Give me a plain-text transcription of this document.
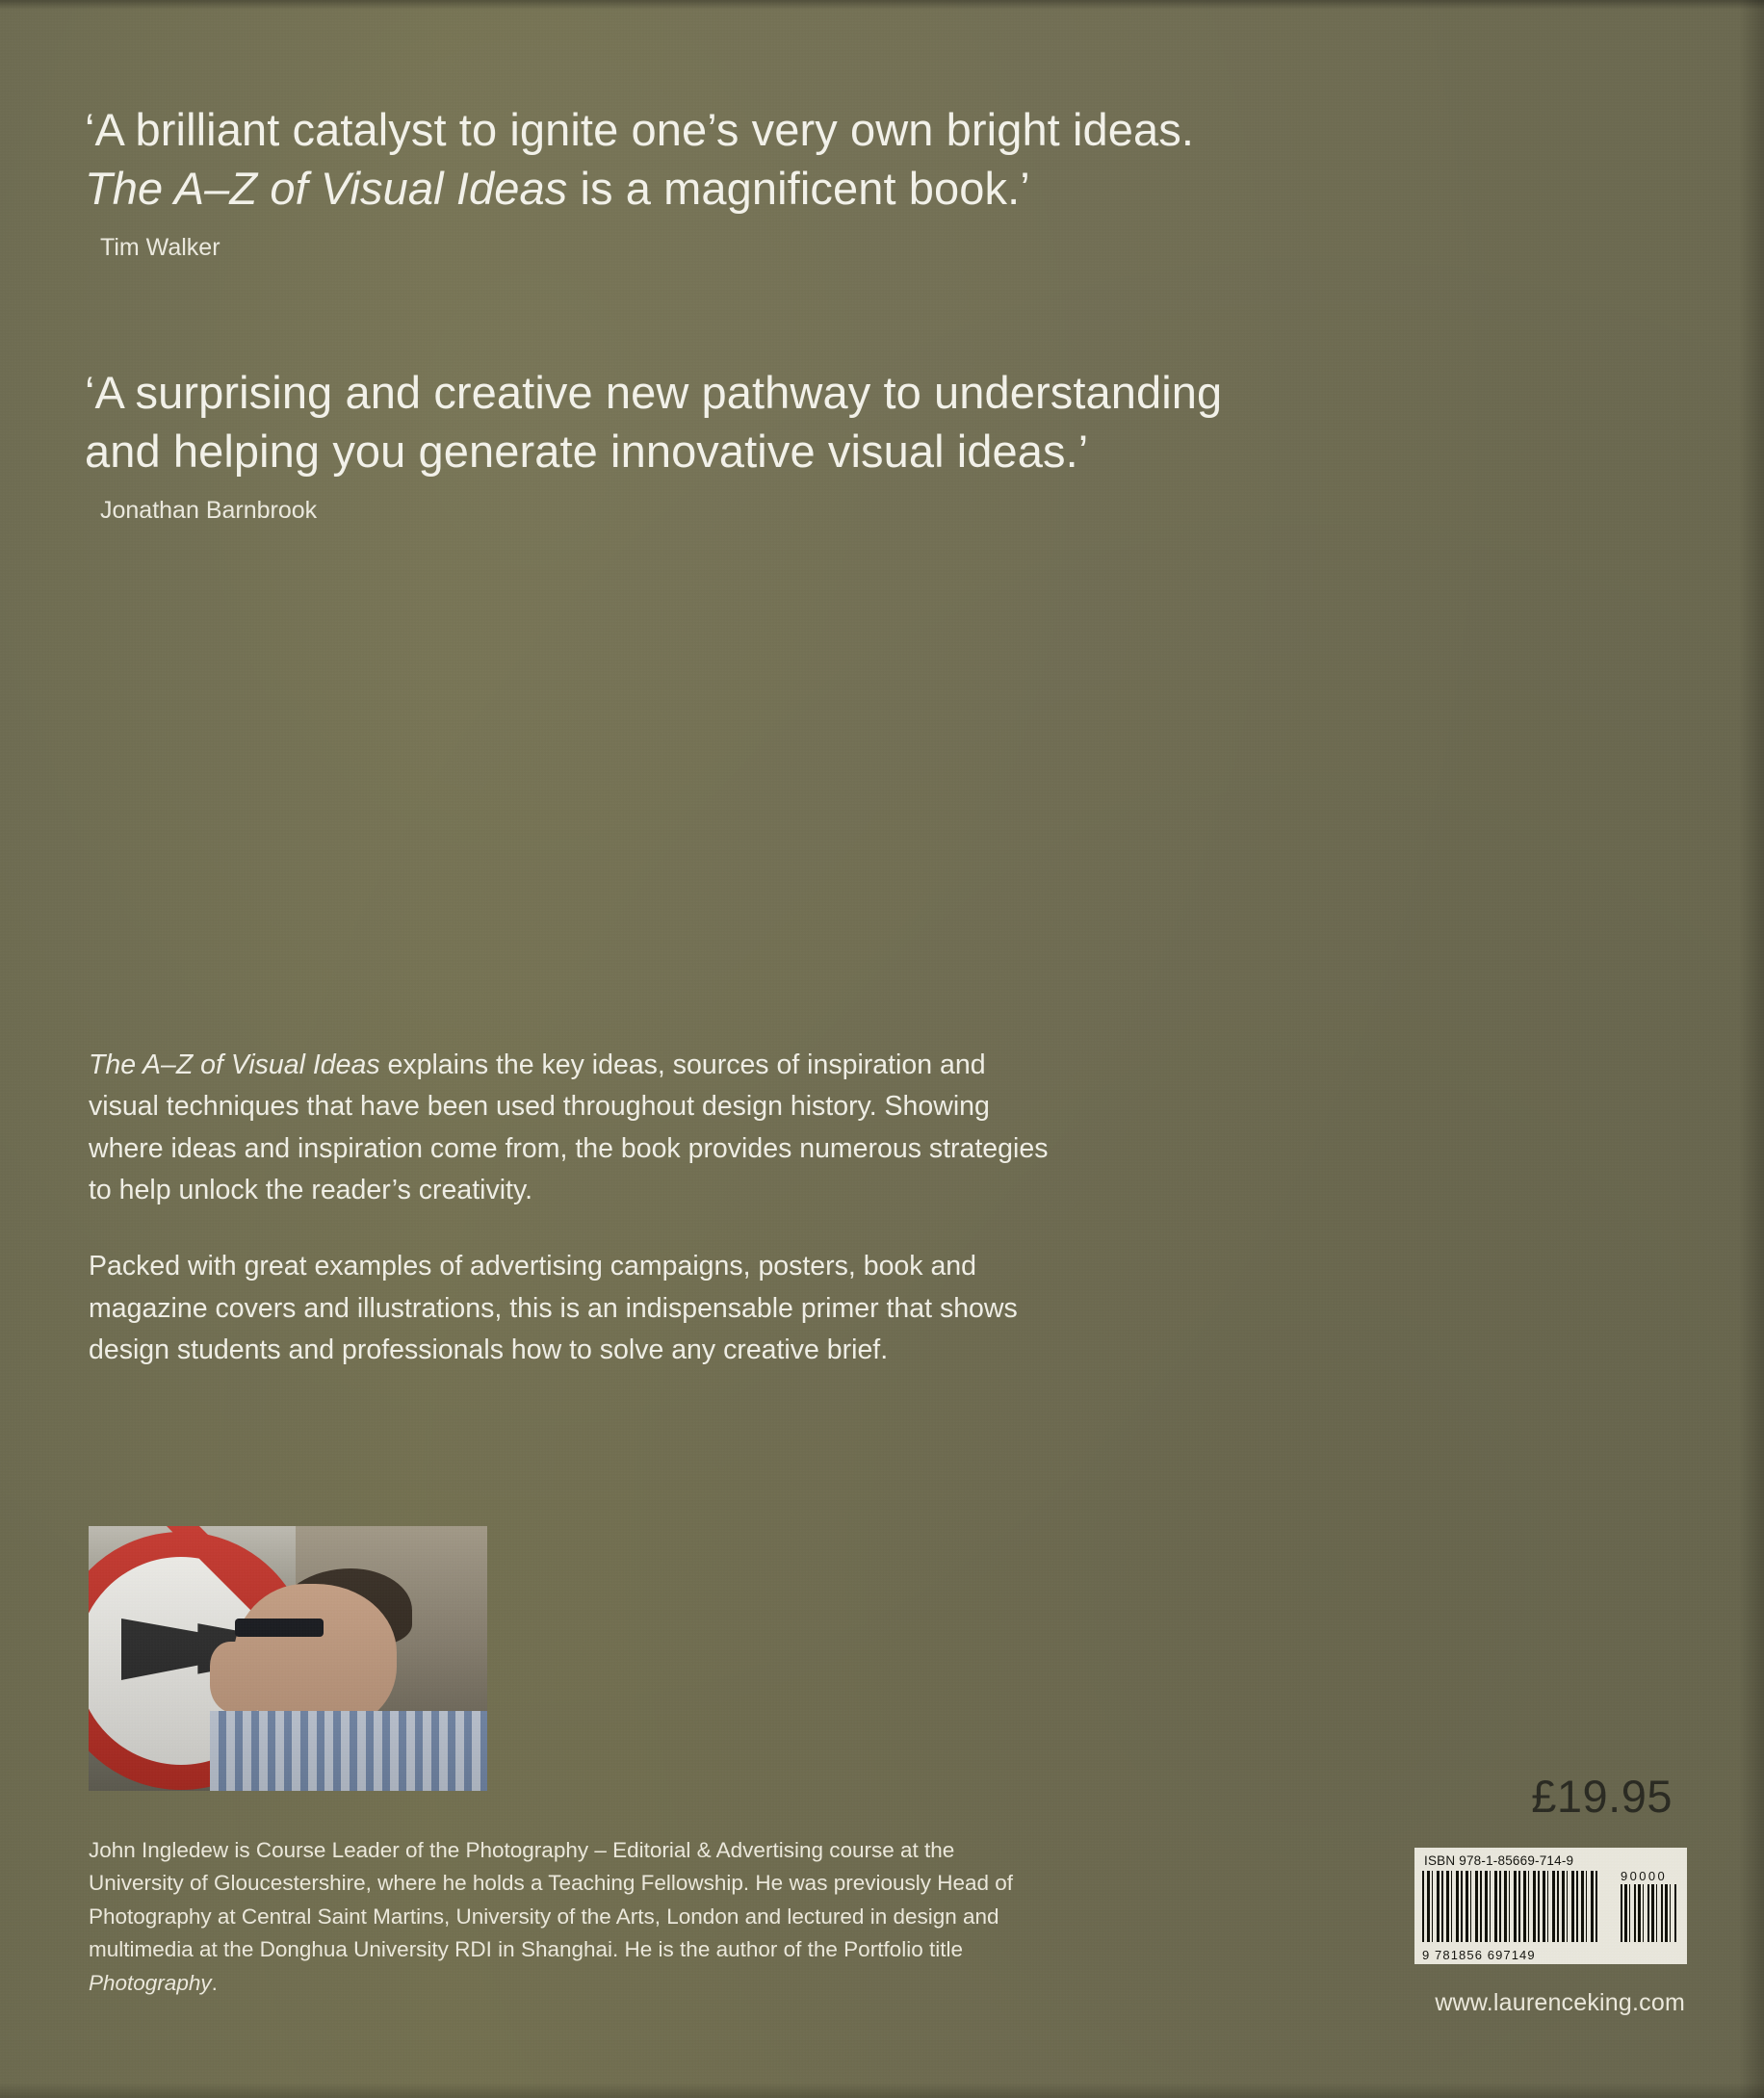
‘A brilliant catalyst to ignite one’s very own bright ideas.
The A–Z of Visual Ideas is a magnificent book.’
Tim Walker
‘A surprising and creative new pathway to understanding
and helping you generate innovative visual ideas.’
Jonathan Barnbrook

The A–Z of Visual Ideas explains the key ideas, sources of inspiration and visual techniques that have been used throughout design history. Showing where ideas and inspiration come from, the book provides numerous strategies to help unlock the reader’s creativity.

Packed with great examples of advertising campaigns, posters, book and magazine covers and illustrations, this is an indispensable primer that shows design students and professionals how to solve any creative brief.

John Ingledew is Course Leader of the Photography – Editorial & Advertising course at the University of Gloucestershire, where he holds a Teaching Fellowship. He was previously Head of Photography at Central Saint Martins, University of the Arts, London and lectured in design and multimedia at the Donghua University RDI in Shanghai. He is the author of the Portfolio title Photography.
£19.95
ISBN 978-1-85669-714-9
90000
9 781856 697149
www.laurenceking.com
